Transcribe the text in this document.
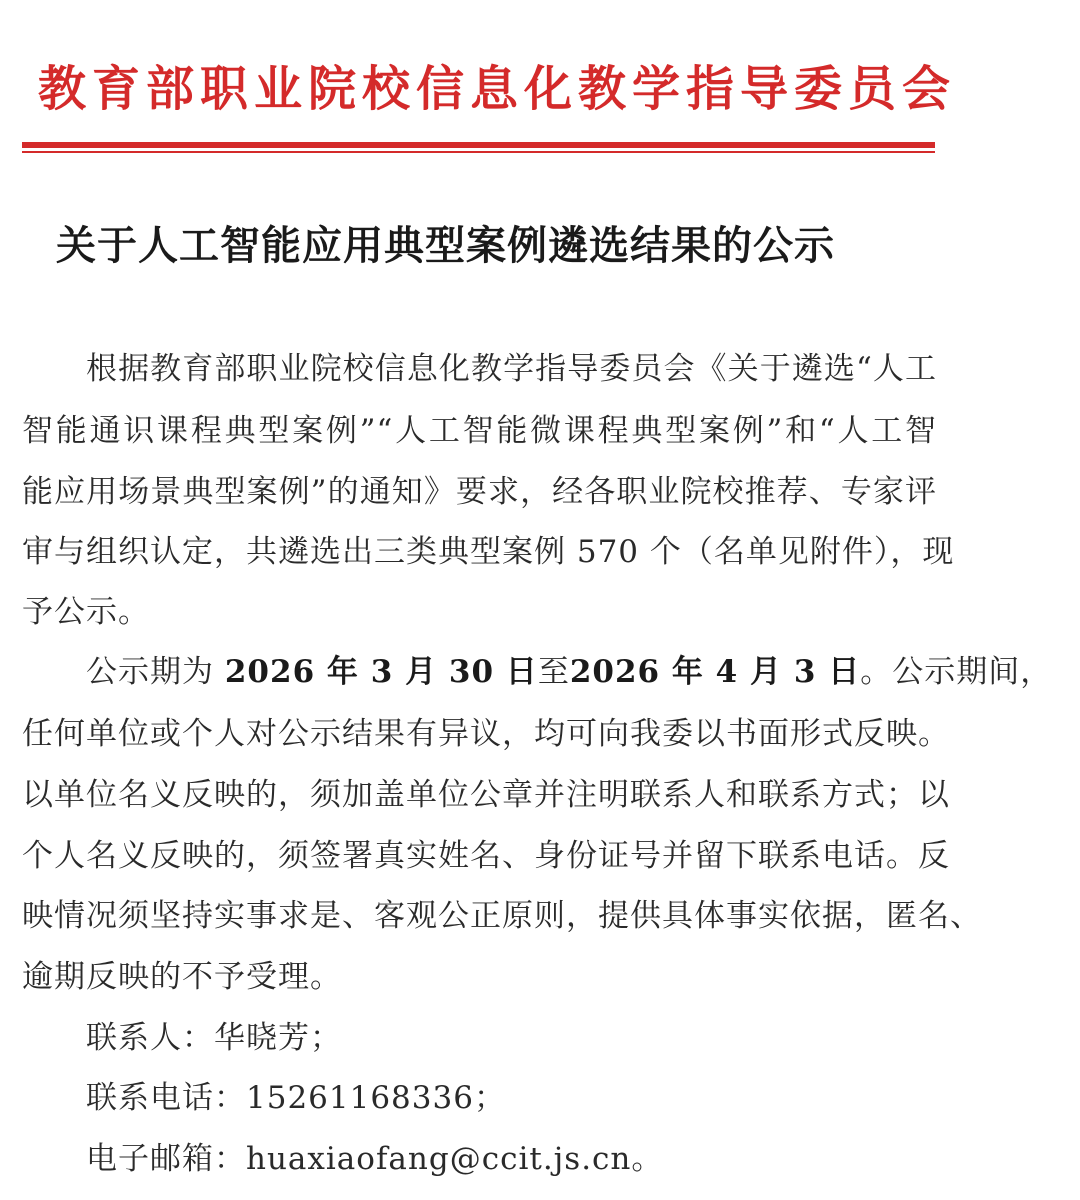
教育部职业院校信息化教学指导委员会
关于人工智能应用典型案例遴选结果的公示
根据教育部职业院校信息化教学指导委员会《关于遴选“人工
智能通识课程典型案例”“人工智能微课程典型案例”和“人工智
能应用场景典型案例”的通知》要求，经各职业院校推荐、专家评
审与组织认定，共遴选出三类典型案例 570 个（名单见附件），现
予公示。
公示期为 2026 年 3 月 30 日至2026 年 4 月 3 日。公示期间，
任何单位或个人对公示结果有异议，均可向我委以书面形式反映。
以单位名义反映的，须加盖单位公章并注明联系人和联系方式；以
个人名义反映的，须签署真实姓名、身份证号并留下联系电话。反
映情况须坚持实事求是、客观公正原则，提供具体事实依据，匿名、
逾期反映的不予受理。
联系人：华晓芳；
联系电话：15261168336；
电子邮箱：huaxiaofang@ccit.js.cn。
